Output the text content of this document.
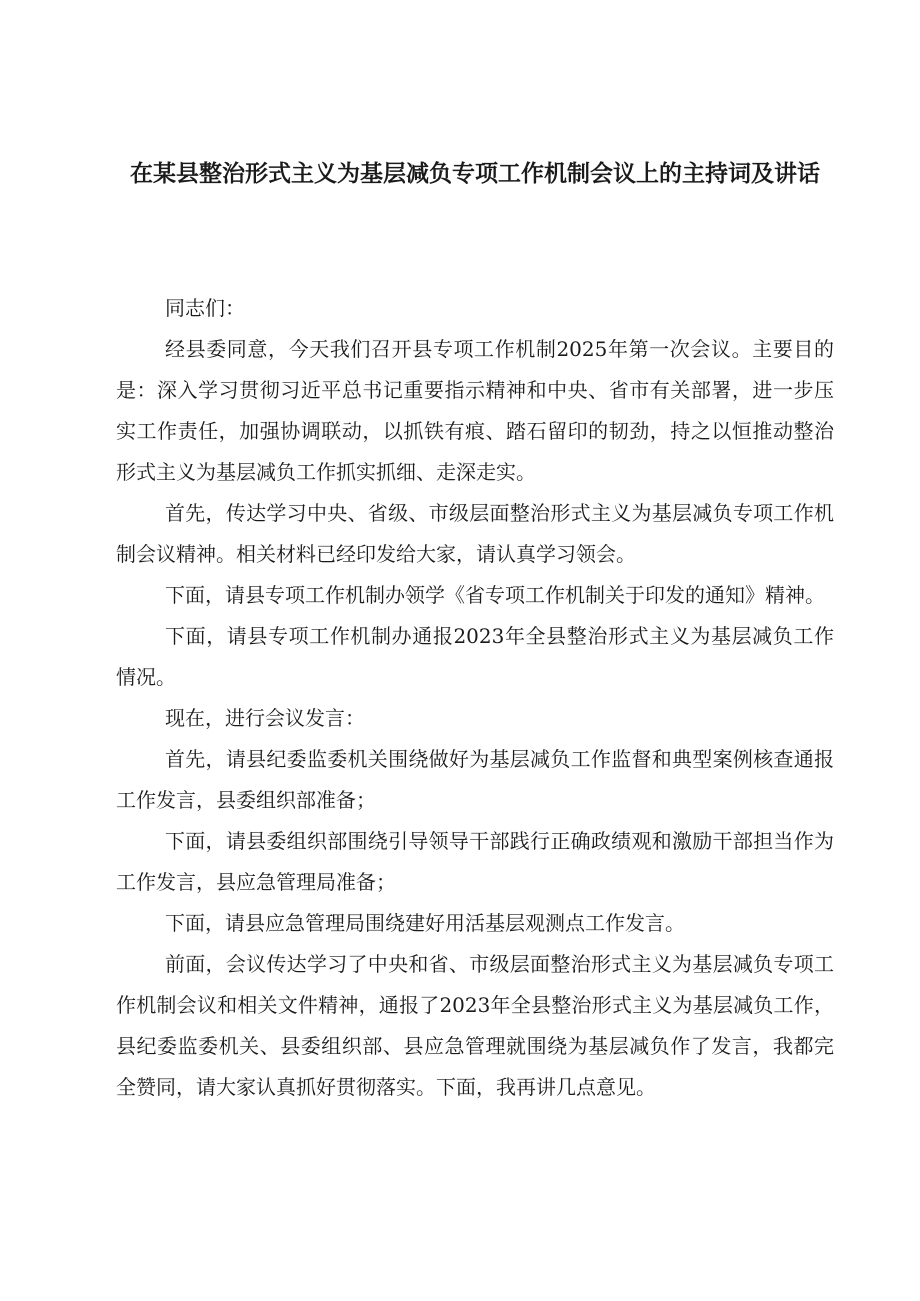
在某县整治形式主义为基层减负专项工作机制会议上的主持词及讲话

同志们：

经县委同意，今天我们召开县专项工作机制2025年第一次会议。主要目的是：深入学习贯彻习近平总书记重要指示精神和中央、省市有关部署，进一步压实工作责任，加强协调联动，以抓铁有痕、踏石留印的韧劲，持之以恒推动整治形式主义为基层减负工作抓实抓细、走深走实。

首先，传达学习中央、省级、市级层面整治形式主义为基层减负专项工作机制会议精神。相关材料已经印发给大家，请认真学习领会。

下面，请县专项工作机制办领学《省专项工作机制关于印发的通知》精神。

下面，请县专项工作机制办通报2023年全县整治形式主义为基层减负工作情况。

现在，进行会议发言：

首先，请县纪委监委机关围绕做好为基层减负工作监督和典型案例核查通报工作发言，县委组织部准备；

下面，请县委组织部围绕引导领导干部践行正确政绩观和激励干部担当作为工作发言，县应急管理局准备；

下面，请县应急管理局围绕建好用活基层观测点工作发言。

前面，会议传达学习了中央和省、市级层面整治形式主义为基层减负专项工作机制会议和相关文件精神，通报了2023年全县整治形式主义为基层减负工作，县纪委监委机关、县委组织部、县应急管理就围绕为基层减负作了发言，我都完全赞同，请大家认真抓好贯彻落实。下面，我再讲几点意见。
